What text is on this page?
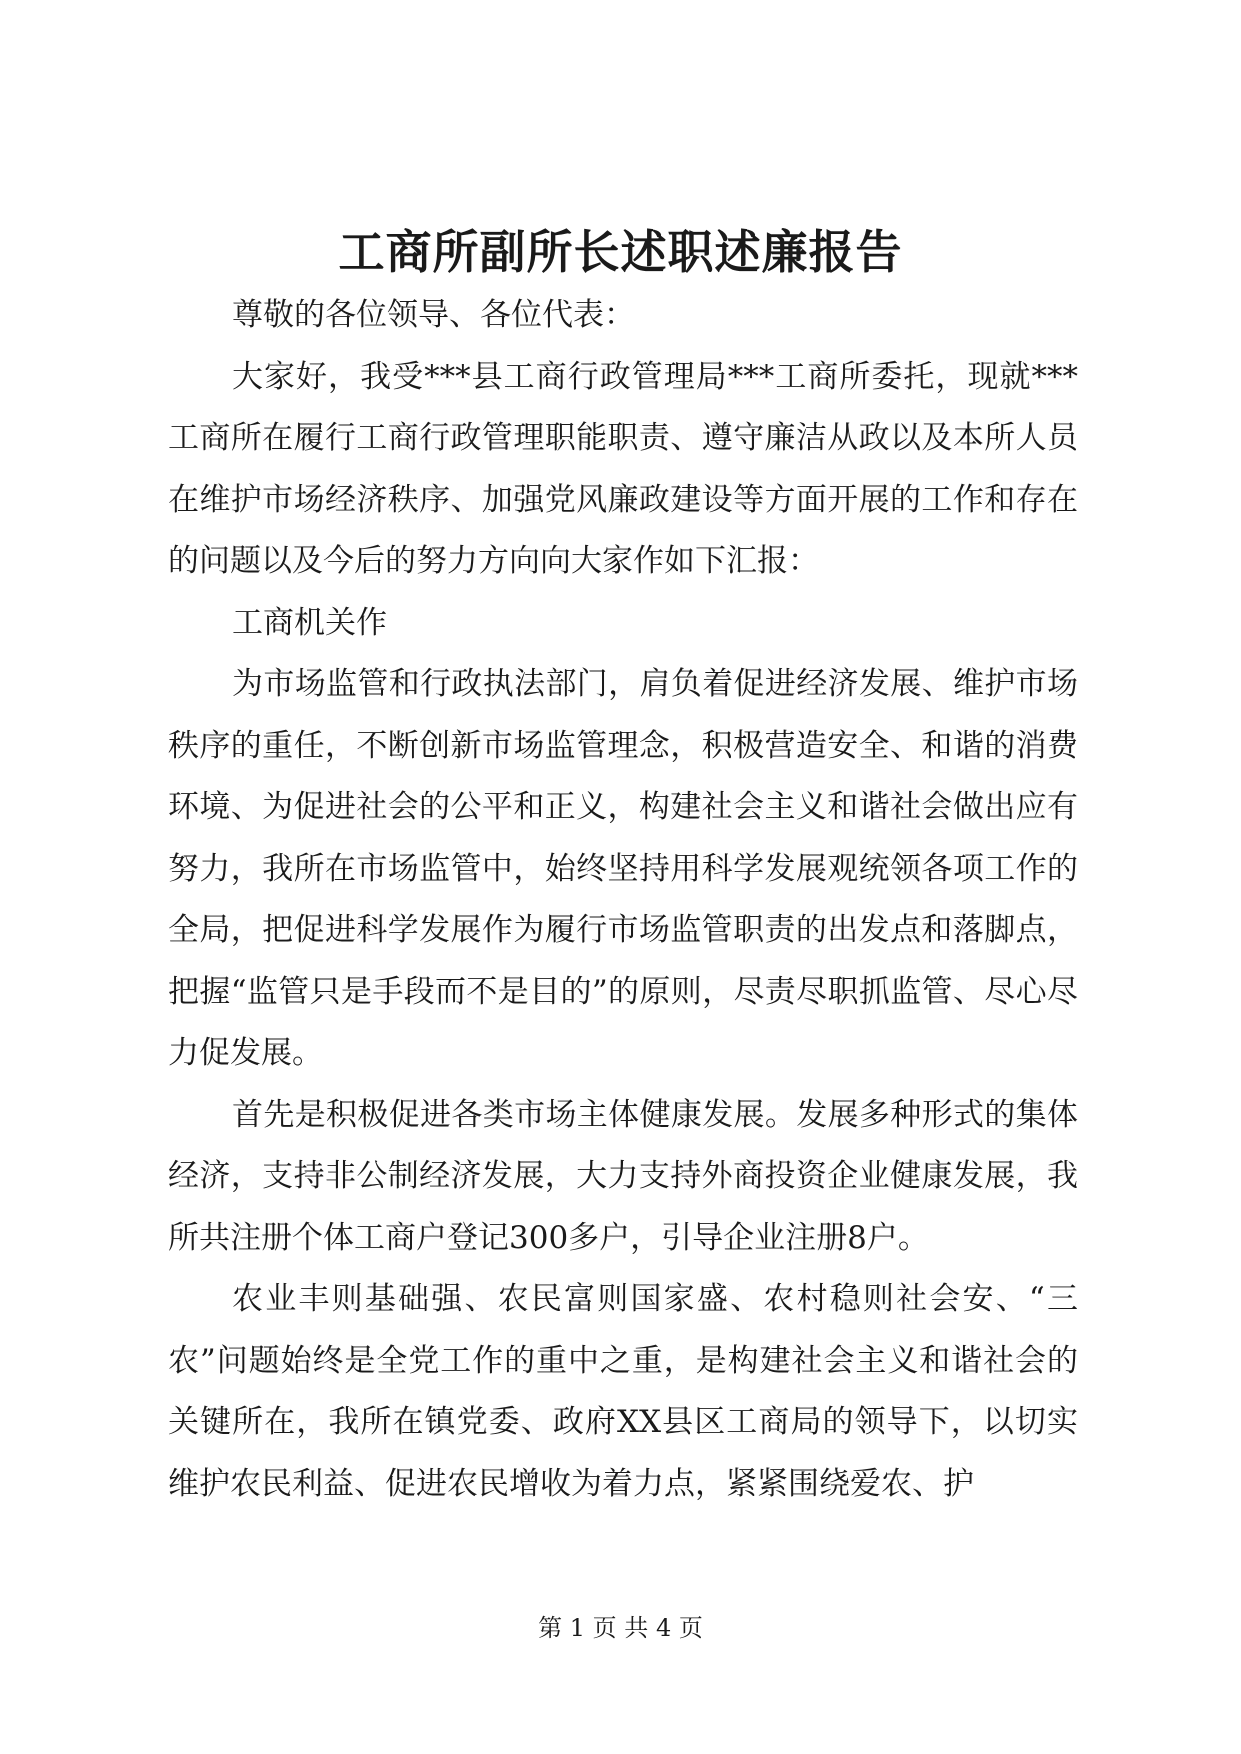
工商所副所长述职述廉报告

尊敬的各位领导、各位代表：

大家好，我受***县工商行政管理局***工商所委托，现就***工商所在履行工商行政管理职能职责、遵守廉洁从政以及本所人员在维护市场经济秩序、加强党风廉政建设等方面开展的工作和存在的问题以及今后的努力方向向大家作如下汇报：

工商机关作

为市场监管和行政执法部门，肩负着促进经济发展、维护市场秩序的重任，不断创新市场监管理念，积极营造安全、和谐的消费环境、为促进社会的公平和正义，构建社会主义和谐社会做出应有努力，我所在市场监管中，始终坚持用科学发展观统领各项工作的全局，把促进科学发展作为履行市场监管职责的出发点和落脚点，把握“监管只是手段而不是目的”的原则，尽责尽职抓监管、尽心尽力促发展。

首先是积极促进各类市场主体健康发展。发展多种形式的集体经济，支持非公制经济发展，大力支持外商投资企业健康发展，我所共注册个体工商户登记300多户，引导企业注册8户。

农业丰则基础强、农民富则国家盛、农村稳则社会安、“三农”问题始终是全党工作的重中之重，是构建社会主义和谐社会的关键所在，我所在镇党委、政府XX县区工商局的领导下，以切实维护农民利益、促进农民增收为着力点，紧紧围绕爱农、护

第 1 页 共 4 页
